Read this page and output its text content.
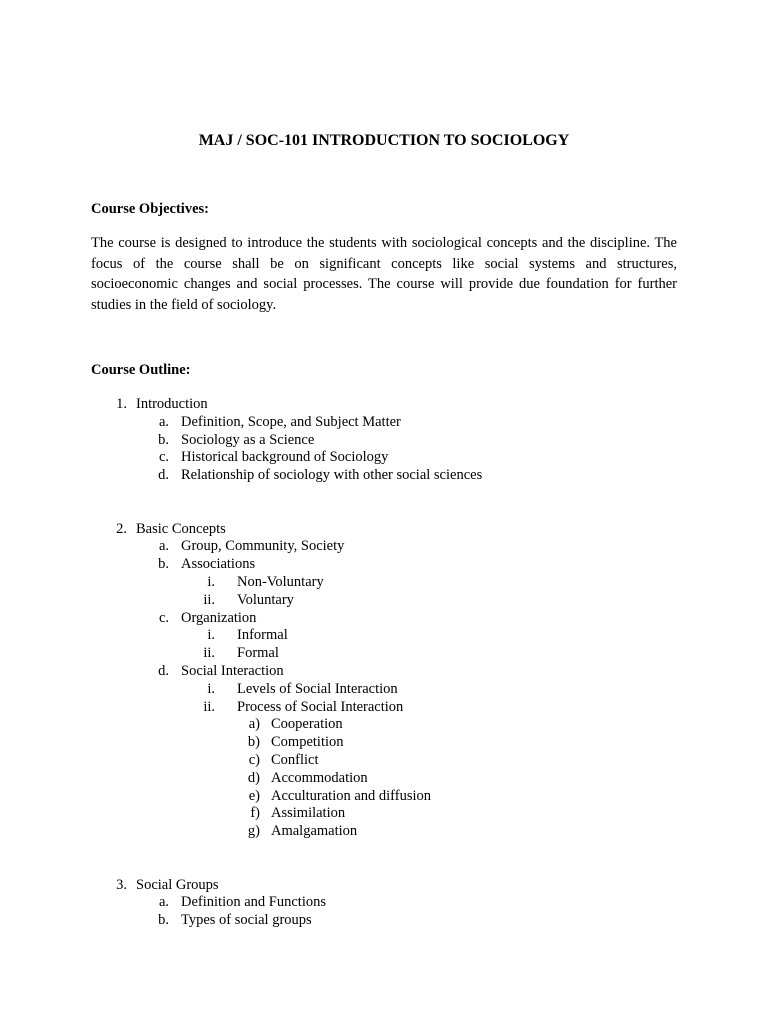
MAJ / SOC-101 INTRODUCTION TO SOCIOLOGY
Course Objectives:
The course is designed to introduce the students with sociological concepts and the discipline. The focus of the course shall be on significant concepts like social systems and structures, socioeconomic changes and social processes. The course will provide due foundation for further studies in the field of sociology.
Course Outline:
1. Introduction
a. Definition, Scope, and Subject Matter
b. Sociology as a Science
c. Historical background of Sociology
d. Relationship of sociology with other social sciences
2. Basic Concepts
a. Group, Community, Society
b. Associations
i. Non-Voluntary
ii. Voluntary
c. Organization
i. Informal
ii. Formal
d. Social Interaction
i. Levels of Social Interaction
ii. Process of Social Interaction
a) Cooperation
b) Competition
c) Conflict
d) Accommodation
e) Acculturation and diffusion
f) Assimilation
g) Amalgamation
3. Social Groups
a. Definition and Functions
b. Types of social groups
